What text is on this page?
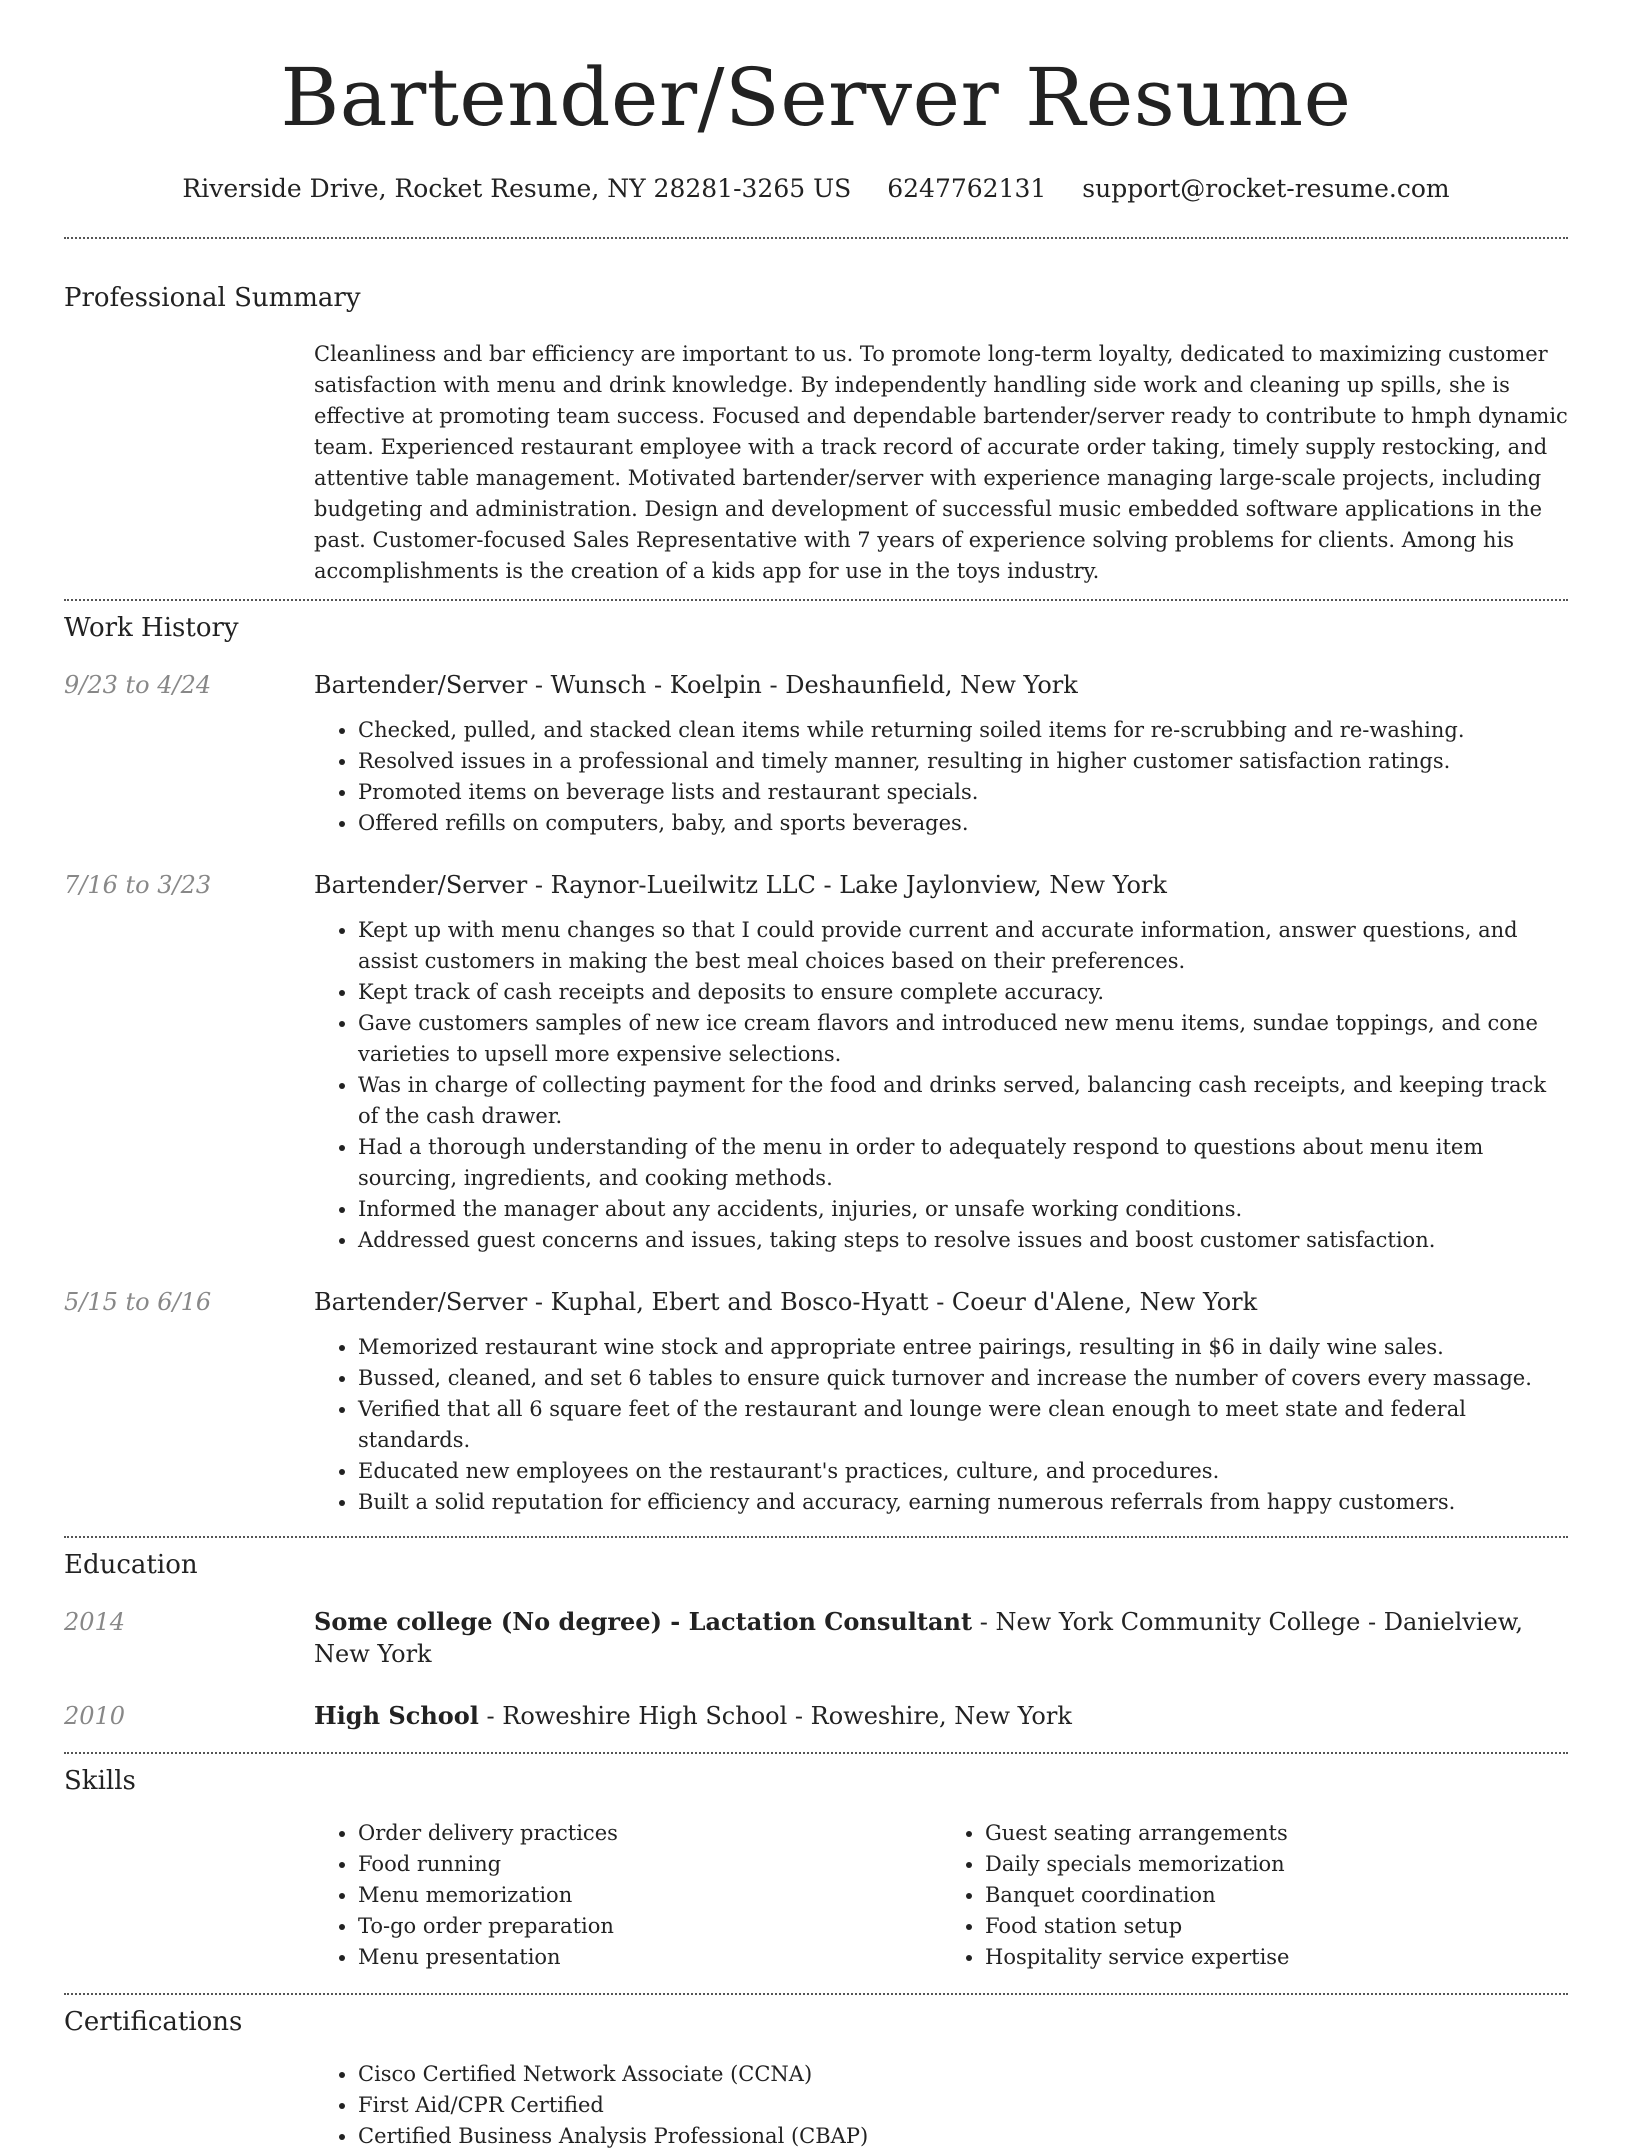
Bartender/Server Resume
Riverside Drive, Rocket Resume, NY 28281-3265 US 6247762131 support@rocket-resume.com
Professional Summary

Cleanliness and bar efficiency are important to us. To promote long-term loyalty, dedicated to maximizing customer satisfaction with menu and drink knowledge. By independently handling side work and cleaning up spills, she is effective at promoting team success. Focused and dependable bartender/server ready to contribute to hmph dynamic team. Experienced restaurant employee with a track record of accurate order taking, timely supply restocking, and attentive table management. Motivated bartender/server with experience managing large-scale projects, including budgeting and administration. Design and development of successful music embedded software applications in the past. Customer-focused Sales Representative with 7 years of experience solving problems for clients. Among his accomplishments is the creation of a kids app for use in the toys industry.

Work History
9/23 to 4/24	Bartender/Server - Wunsch - Koelpin - Deshaunfield, New York
• Checked, pulled, and stacked clean items while returning soiled items for re-scrubbing and re-washing.
• Resolved issues in a professional and timely manner, resulting in higher customer satisfaction ratings.
• Promoted items on beverage lists and restaurant specials.
• Offered refills on computers, baby, and sports beverages.
7/16 to 3/23	Bartender/Server - Raynor-Lueilwitz LLC - Lake Jaylonview, New York
• Kept up with menu changes so that I could provide current and accurate information, answer questions, and assist customers in making the best meal choices based on their preferences.
• Kept track of cash receipts and deposits to ensure complete accuracy.
• Gave customers samples of new ice cream flavors and introduced new menu items, sundae toppings, and cone varieties to upsell more expensive selections.
• Was in charge of collecting payment for the food and drinks served, balancing cash receipts, and keeping track of the cash drawer.
• Had a thorough understanding of the menu in order to adequately respond to questions about menu item sourcing, ingredients, and cooking methods.
• Informed the manager about any accidents, injuries, or unsafe working conditions.
• Addressed guest concerns and issues, taking steps to resolve issues and boost customer satisfaction.
5/15 to 6/16	Bartender/Server - Kuphal, Ebert and Bosco-Hyatt - Coeur d'Alene, New York
• Memorized restaurant wine stock and appropriate entree pairings, resulting in $6 in daily wine sales.
• Bussed, cleaned, and set 6 tables to ensure quick turnover and increase the number of covers every massage.
• Verified that all 6 square feet of the restaurant and lounge were clean enough to meet state and federal standards.
• Educated new employees on the restaurant's practices, culture, and procedures.
• Built a solid reputation for efficiency and accuracy, earning numerous referrals from happy customers.
Education
2014	Some college (No degree) - Lactation Consultant - New York Community College - Danielview, New York
2010	High School - Roweshire High School - Roweshire, New York
Skills
• Order delivery practices
• Food running
• Menu memorization
• To-go order preparation
• Menu presentation
• Guest seating arrangements
• Daily specials memorization
• Banquet coordination
• Food station setup
• Hospitality service expertise
Certifications
• Cisco Certified Network Associate (CCNA)
• First Aid/CPR Certified
• Certified Business Analysis Professional (CBAP)
